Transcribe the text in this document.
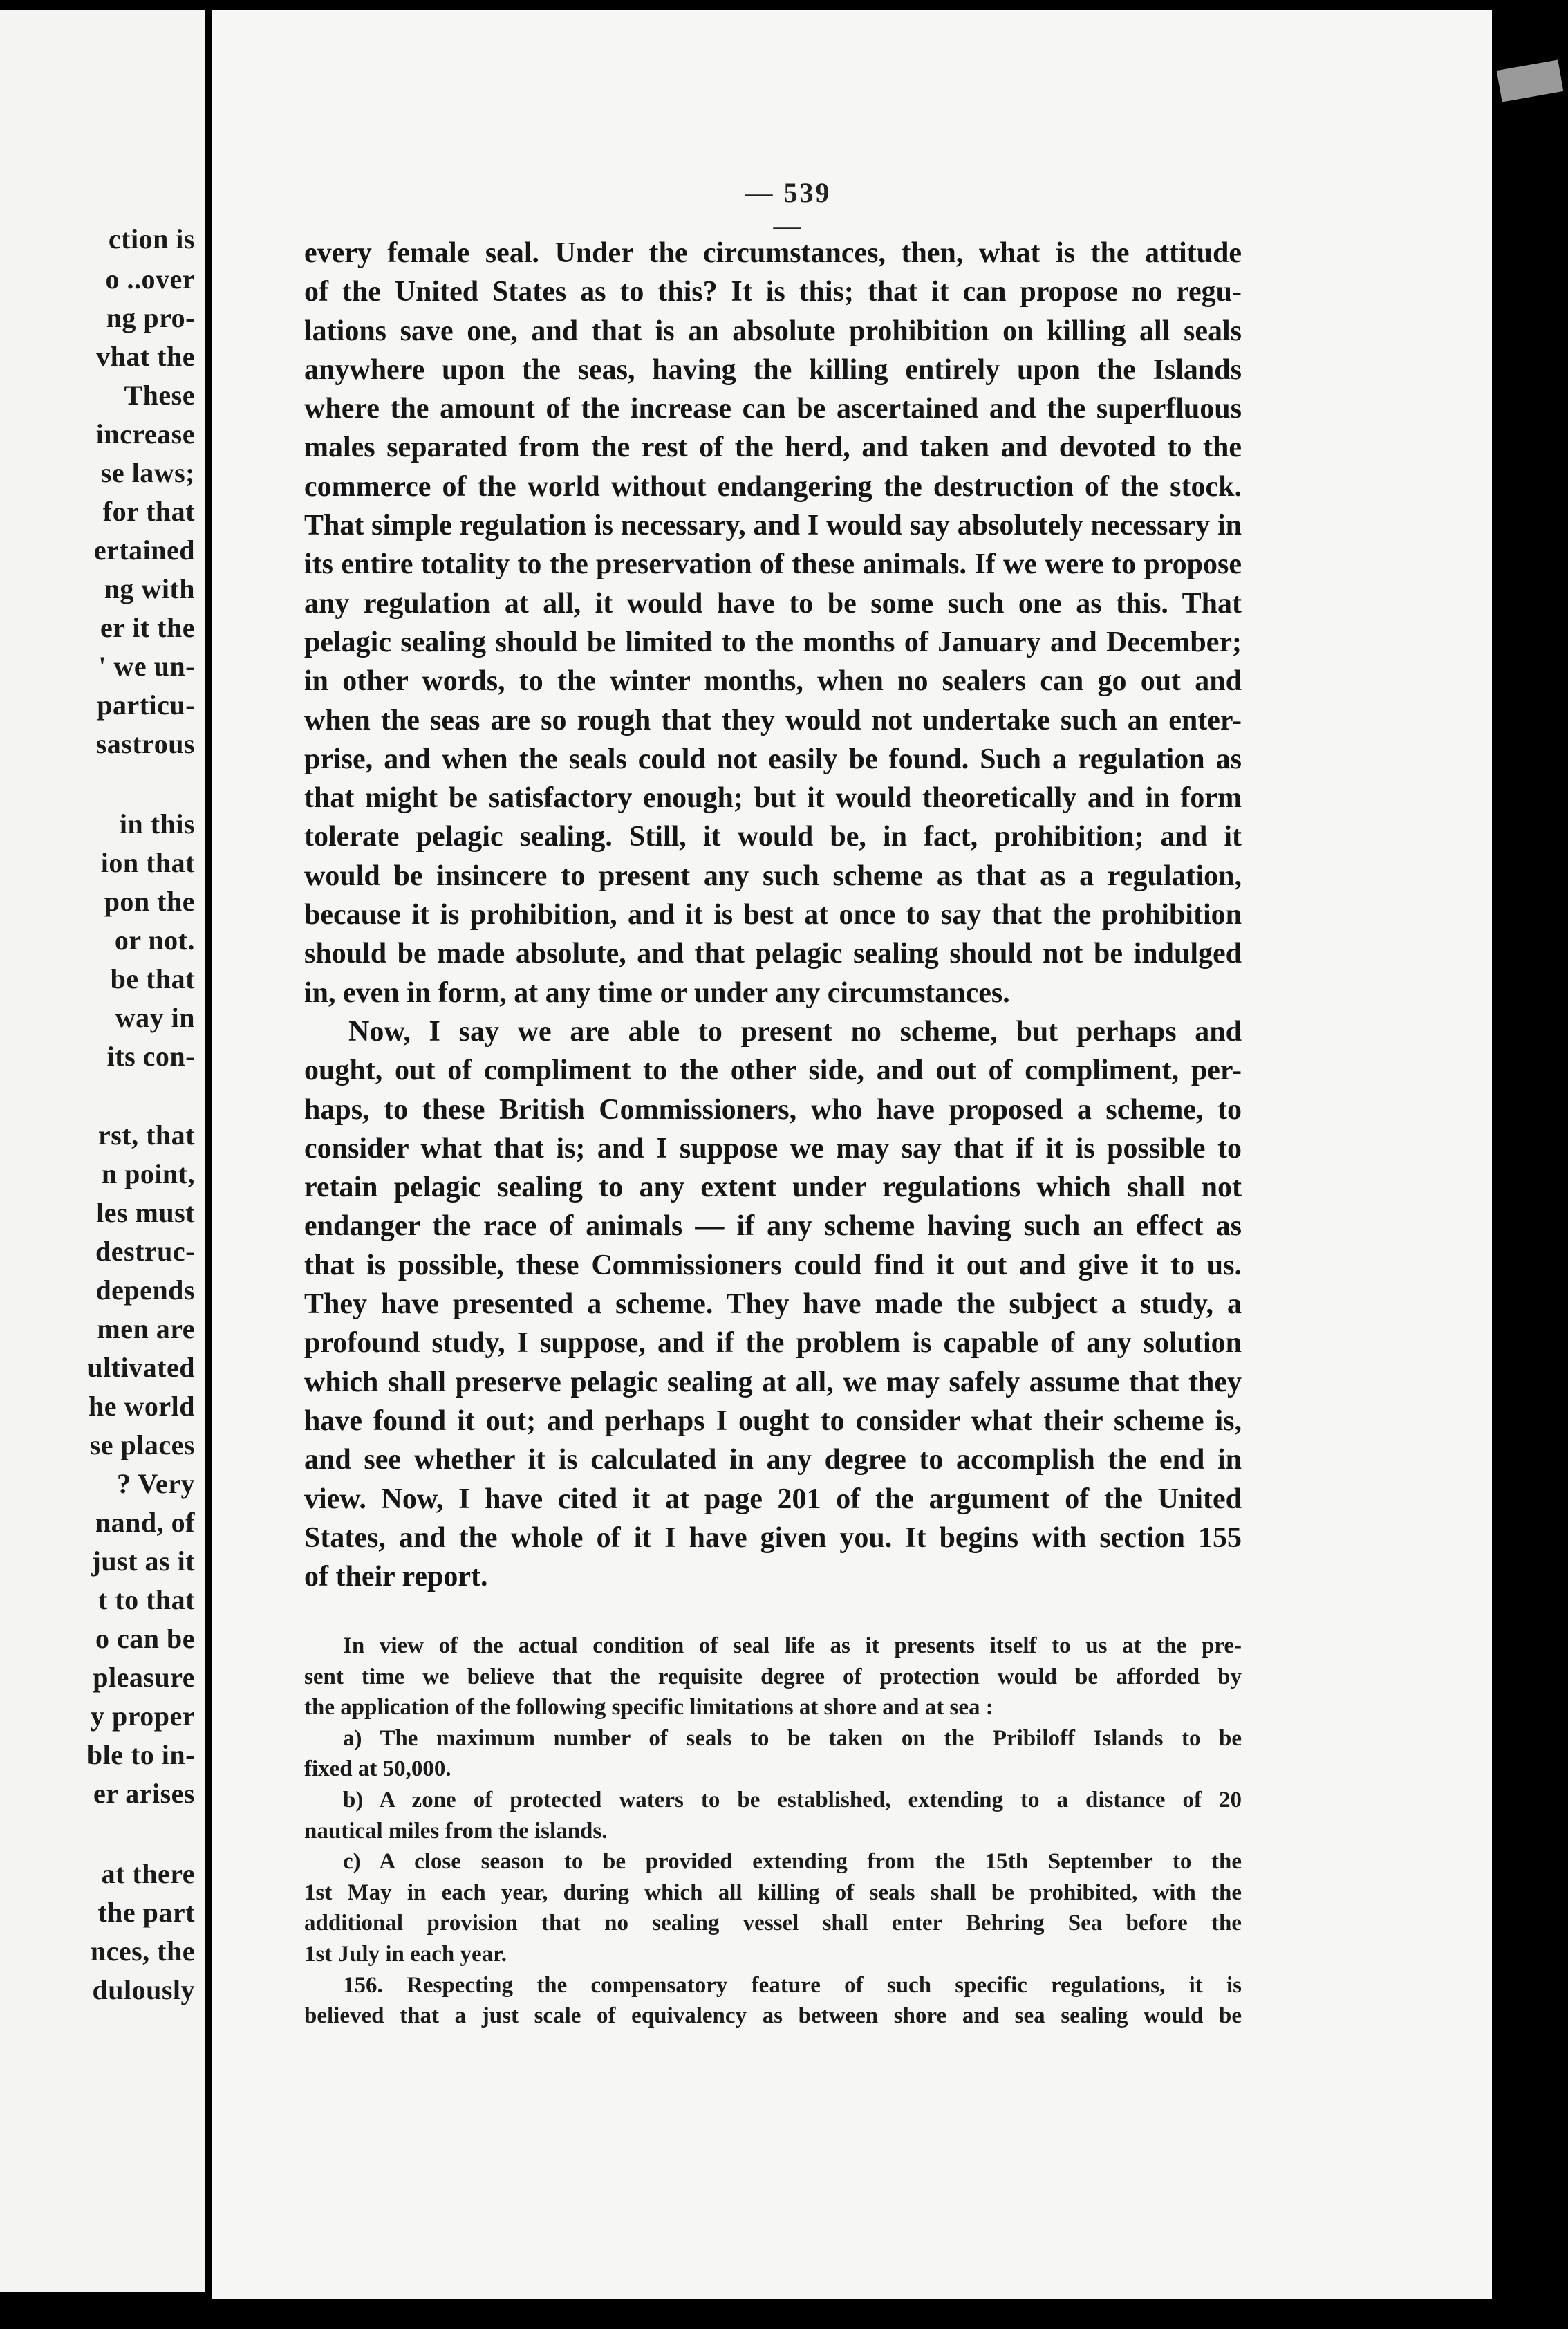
ction is
o ..over
ng pro-
vhat the
These
increase
se laws;
for that
ertained
ng with
er it the
' we un-
particu-
sastrous
in this
ion that
pon the
or not.
be that
way in
its con-
rst, that
n point,
les must
destruc-
depends
men are
ultivated
he world
se places
? Very
nand, of
just as it
t to that
o can be
pleasure
y proper
ble to in-
er arises
at there
the part
nces, the
dulously
— 539 —
every female seal. Under the circumstances, then, what is the attitude
of the United States as to this? It is this; that it can propose no regu-
lations save one, and that is an absolute prohibition on killing all seals
anywhere upon the seas, having the killing entirely upon the Islands
where the amount of the increase can be ascertained and the superfluous
males separated from the rest of the herd, and taken and devoted to the
commerce of the world without endangering the destruction of the stock.
That simple regulation is necessary, and I would say absolutely necessary in
its entire totality to the preservation of these animals. If we were to propose
any regulation at all, it would have to be some such one as this. That
pelagic sealing should be limited to the months of January and December;
in other words, to the winter months, when no sealers can go out and
when the seas are so rough that they would not undertake such an enter-
prise, and when the seals could not easily be found. Such a regulation as
that might be satisfactory enough; but it would theoretically and in form
tolerate pelagic sealing. Still, it would be, in fact, prohibition; and it
would be insincere to present any such scheme as that as a regulation,
because it is prohibition, and it is best at once to say that the prohibition
should be made absolute, and that pelagic sealing should not be indulged
in, even in form, at any time or under any circumstances.
Now, I say we are able to present no scheme, but perhaps and
ought, out of compliment to the other side, and out of compliment, per-
haps, to these British Commissioners, who have proposed a scheme, to
consider what that is; and I suppose we may say that if it is possible to
retain pelagic sealing to any extent under regulations which shall not
endanger the race of animals — if any scheme having such an effect as
that is possible, these Commissioners could find it out and give it to us.
They have presented a scheme. They have made the subject a study, a
profound study, I suppose, and if the problem is capable of any solution
which shall preserve pelagic sealing at all, we may safely assume that they
have found it out; and perhaps I ought to consider what their scheme is,
and see whether it is calculated in any degree to accomplish the end in
view. Now, I have cited it at page 201 of the argument of the United
States, and the whole of it I have given you. It begins with section 155
of their report.
In view of the actual condition of seal life as it presents itself to us at the pre-
sent time we believe that the requisite degree of protection would be afforded by
the application of the following specific limitations at shore and at sea :
a) The maximum number of seals to be taken on the Pribiloff Islands to be
fixed at 50,000.
b) A zone of protected waters to be established, extending to a distance of 20
nautical miles from the islands.
c) A close season to be provided extending from the 15th September to the
1st May in each year, during which all killing of seals shall be prohibited, with the
additional provision that no sealing vessel shall enter Behring Sea before the
1st July in each year.
156. Respecting the compensatory feature of such specific regulations, it is
believed that a just scale of equivalency as between shore and sea sealing would be
